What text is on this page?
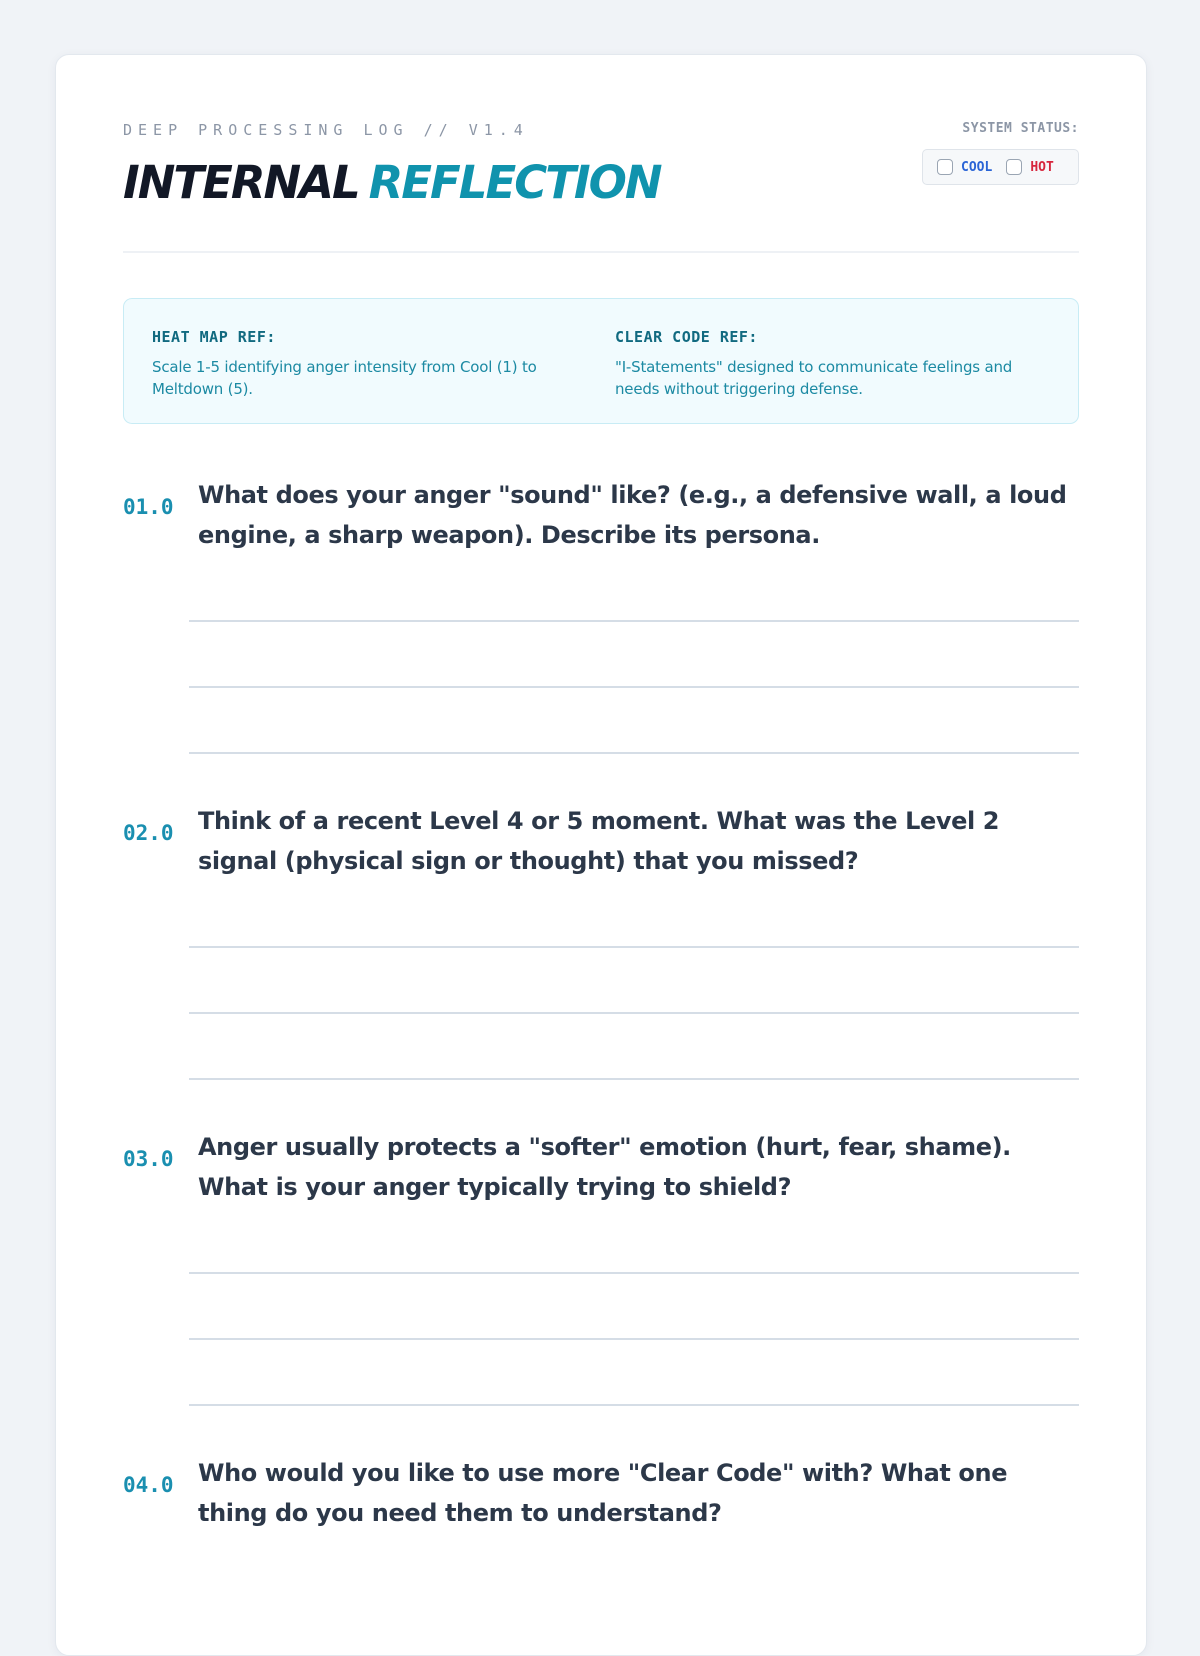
DEEP PROCESSING LOG // V1.4
INTERNAL REFLECTION
SYSTEM STATUS:
COOL	HOT
HEAT MAP REF:
Scale 1-5 identifying anger intensity from Cool (1) to Meltdown (5).
CLEAR CODE REF:
"I-Statements" designed to communicate feelings and needs without triggering defense.
01.0 What does your anger "sound" like? (e.g., a defensive wall, a loud engine, a sharp weapon). Describe its persona.

02.0 Think of a recent Level 4 or 5 moment. What was the Level 2 signal (physical sign or thought) that you missed?

03.0 Anger usually protects a "softer" emotion (hurt, fear, shame). What is your anger typically trying to shield?

04.0 Who would you like to use more "Clear Code" with? What one thing do you need them to understand?
